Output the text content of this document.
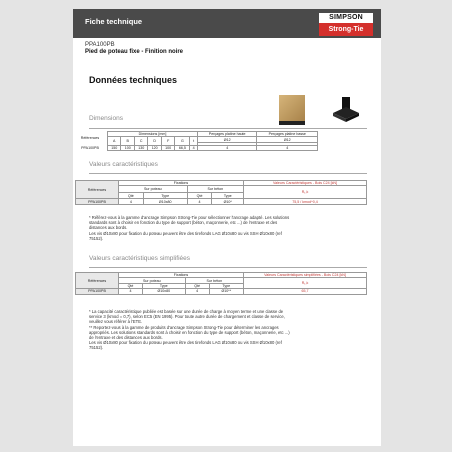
Fiche technique	SIMPSON
Strong-Tie
PPA100PB
Pied de poteau fixe - Finition noire
Données techniques
Dimensions
Références	Dimensions [mm]							Perçages platine haute	Perçages platine basse
	A	B	C	D	F	G	t	Ø12	Ø12

PPA100PB	150	100	130	120	100	66,5	4	4	4
Valeurs caractéristiques
Références	Fixations				Valeurs Caractéristiques - Bois C24 [kN]
	Sur poteau		Sur béton		R₁,k
	Qté	Type	Qté	Type	
PPA100PB	4	Ø10x80	4	Ø10*	75,5 / kmod^0,4
* Référez-vous à la gamme d'ancrage Simpson Strong-Tie pour sélectionner l'ancrage adapté. Les solutions
standards sont à choisir en fonction du type de support (béton, maçonnerie, etc ...) de l'entraxe et des
distances aux bords.
Les vis Ø10x80 pour fixation du poteau peuvent être des tirefonds LAG Ø10x80 ou vis SSH Ø10x80 (ref
75152).
Valeurs caractéristiques simplifiées
Références	Fixations				Valeurs Caractéristiques simplifiées - Bois C24 [kN]
	Sur poteau		Sur béton		R₁,k
	Qté	Type	Qté	Type	
PPA100PB	4	Ø10x80	4	Ø10**	65,7
* La capacité caractéristique publiée est basée sur une durée de charge à moyen terme et une classe de
service 3 (kmod = 0,7), selon EC5 (EN 1995). Pour toute autre durée de chargement et classe de service,
veuillez vous référer à l'ETE.
** Reportez-vous à la gamme de produits d'ancrage Simpson Strong-Tie pour déterminer les ancrages
appropriés. Les solutions standards sont à choisir en fonction du type de support (béton, maçonnerie, etc ...)
de l'entraxe et des distances aux bords.
Les vis Ø10x80 pour fixation du poteau peuvent être des tirefonds LAG Ø10x80 ou vis SSH Ø10x80 (ref
75152).
